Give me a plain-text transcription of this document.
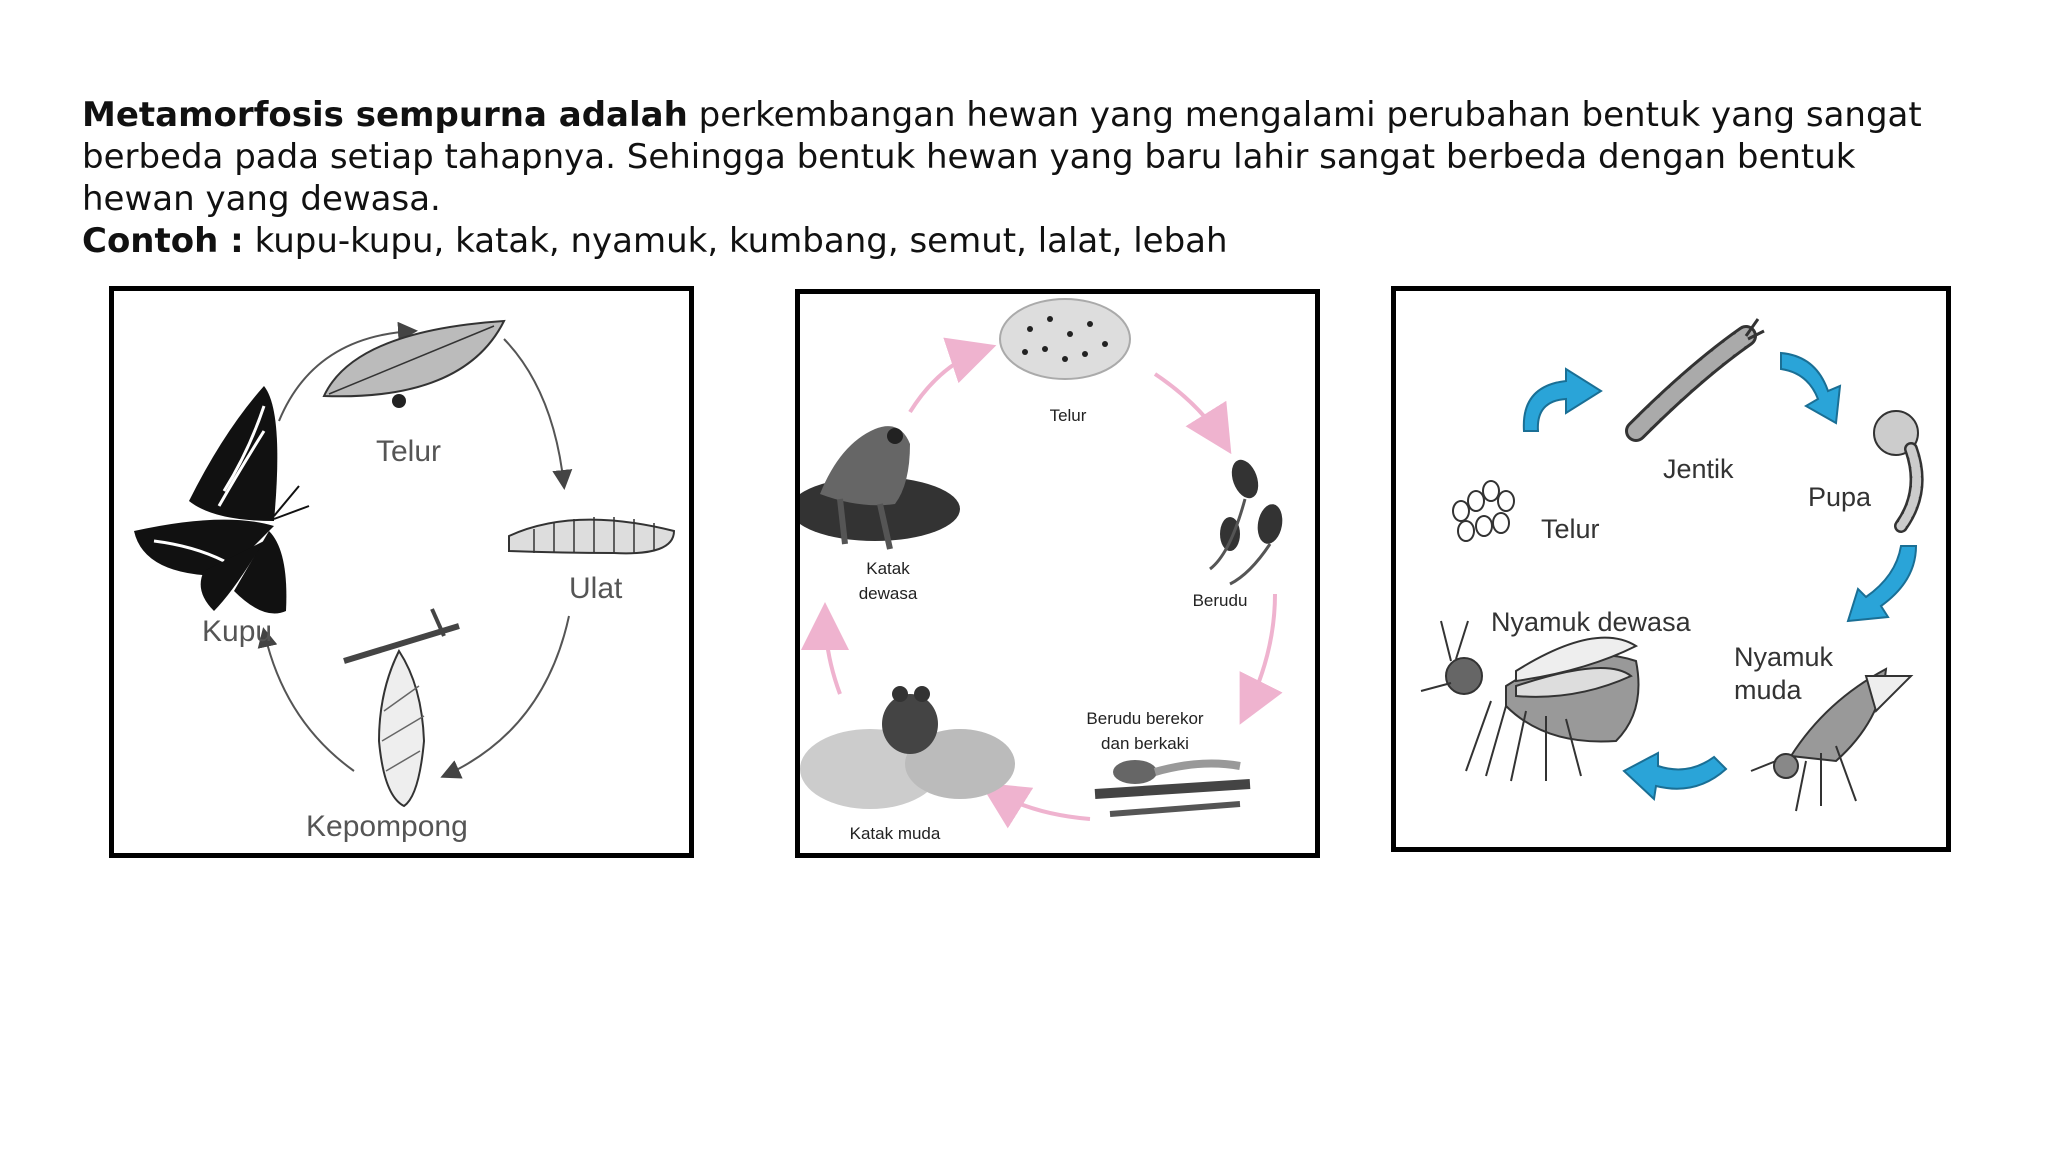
Metamorfosis sempurna adalah perkembangan hewan yang mengalami perubahan bentuk yang sangat berbeda pada setiap tahapnya. Sehingga bentuk hewan yang baru lahir sangat berbeda dengan bentuk hewan yang dewasa.

Contoh : kupu-kupu, katak, nyamuk, kumbang, semut, lalat, lebah

Telur
Ulat
Kepompong
Kupu
Telur
Berudu
Berudu berekor
dan berkaki
Katak muda
Katak
dewasa
Telur
Jentik
Pupa
Nyamuk
muda
Nyamuk dewasa
